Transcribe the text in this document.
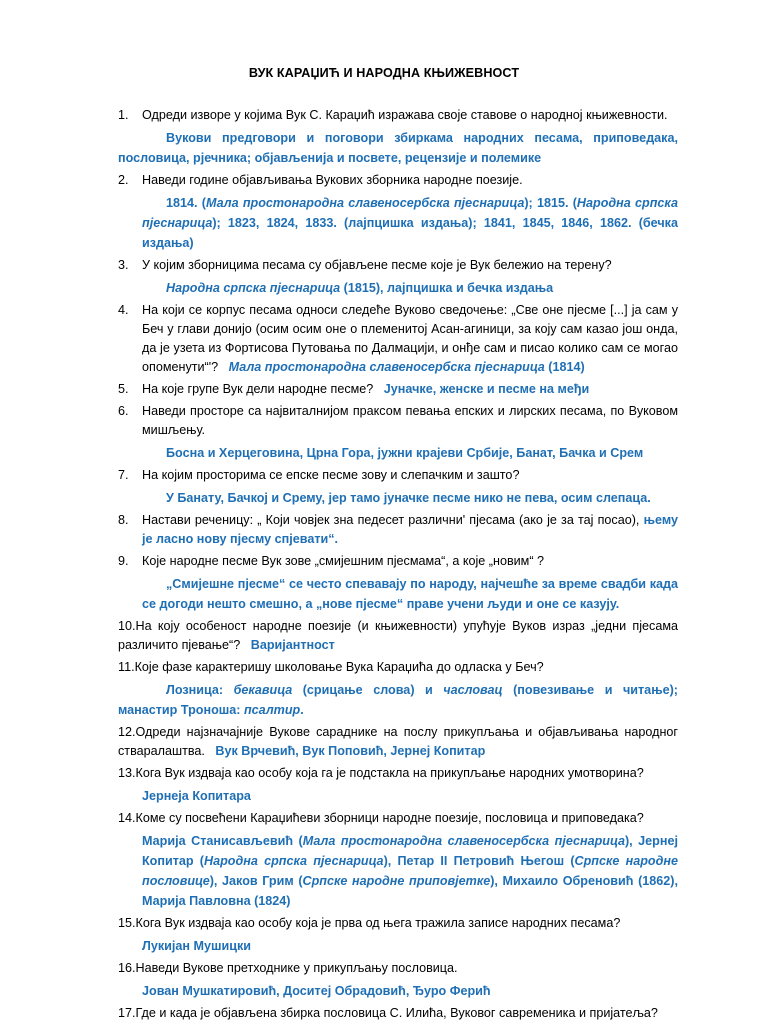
ВУК КАРАЏИЋ И НАРОДНА КЊИЖЕВНОСТ
1. Одреди изворе у којима Вук С. Караџић изражава своје ставове о народној књижевности.
Вукови предговори и поговори збиркама народних песама, приповедака, пословица, рјечника; објављенија и посвете, рецензије и полемике
2. Наведи године објављивања Вукових зборника народне поезије.
1814. (Мала простонародна славеносербска пјеснарица); 1815. (Народна српска пјеснарица); 1823, 1824, 1833. (лајпцишка издања); 1841, 1845, 1846, 1862. (бечка издања)
3. У којим зборницима песама су објављене песме које је Вук бележио на терену?
Народна српска пјеснарица (1815), лајпцишка и бечка издања
4. На који се корпус песама односи следеће Вуково сведочење: „Све оне пјесме [...] ја сам у Беч у глави донијо (осим осим оне о племенитој Асан-агиници, за коју сам казао још онда, да је узета из Фортисова Путовања по Далмацији, и онђе сам и писао колико сам се могао опоменути“'? Мала простонародна славеносербска пјеснарица (1814)
5. На које групе Вук дели народне песме? Јуначке, женске и песме на међи
6. Наведи просторе са највиталнијом праксом певања епских и лирских песама, по Вуковом мишљењу.
Босна и Херцеговина, Црна Гора, јужни крајеви Србије, Банат, Бачка и Срем
7. На којим просторима се епске песме зову и слепачким и зашто?
У Банату, Бачкој и Срему, јер тамо јуначке песме нико не пева, осим слепаца.
8. Настави реченицу: „ Који човјек зна педесет различни' пјесама (ако је за тај посао), њему је ласно нову пјесму спјевати“.
9. Које народне песме Вук зове „смијешним пјесмама“, а које „новим“ ?
„Смијешне пјесме“ се често спевавају по народу, најчешће за време свадби када се догоди нешто смешно, а „нове пјесме“ праве учени људи и оне се казују.
10.На коју особеност народне поезије (и књижевности) упућује Вуков израз „једни пјесама различито пјевање“? Варијантност
11.Које фазе карактеришу школовање Вука Караџића до одласка у Беч?
Лозница: бекавица (срицање слова) и часловац (повезивање и читање); манастир Троноша: псалтир.
12.Одреди најзначајније Вукове сараднике на послу прикупљања и објављивања народног стваралаштва. Вук Врчевић, Вук Поповић, Јернеј Копитар
13.Кога Вук издваја као особу која га је подстакла на прикупљање народних умотворина?
Јернеја Копитара
14.Коме су посвећени Караџићеви зборници народне поезије, пословица и приповедака?
Марија Станисављевић (Мала простонародна славеносербска пјеснарица), Јернеј Копитар (Народна српска пјеснарица), Петар II Петровић Његош (Српске народне пословице), Јаков Грим (Српске народне приповјетке), Михаило Обреновић (1862), Марија Павловна (1824)
15.Кога Вук издваја као особу која је прва од њега тражила записе народних песама?
Лукијан Мушицки
16.Наведи Вукове претходнике у прикупљању пословица.
Јован Мушкатировић, Доситеј Обрадовић, Ђуро Ферић
17.Где и када је објављена збирка пословица С. Илића, Вуковог савременика и пријатеља?
